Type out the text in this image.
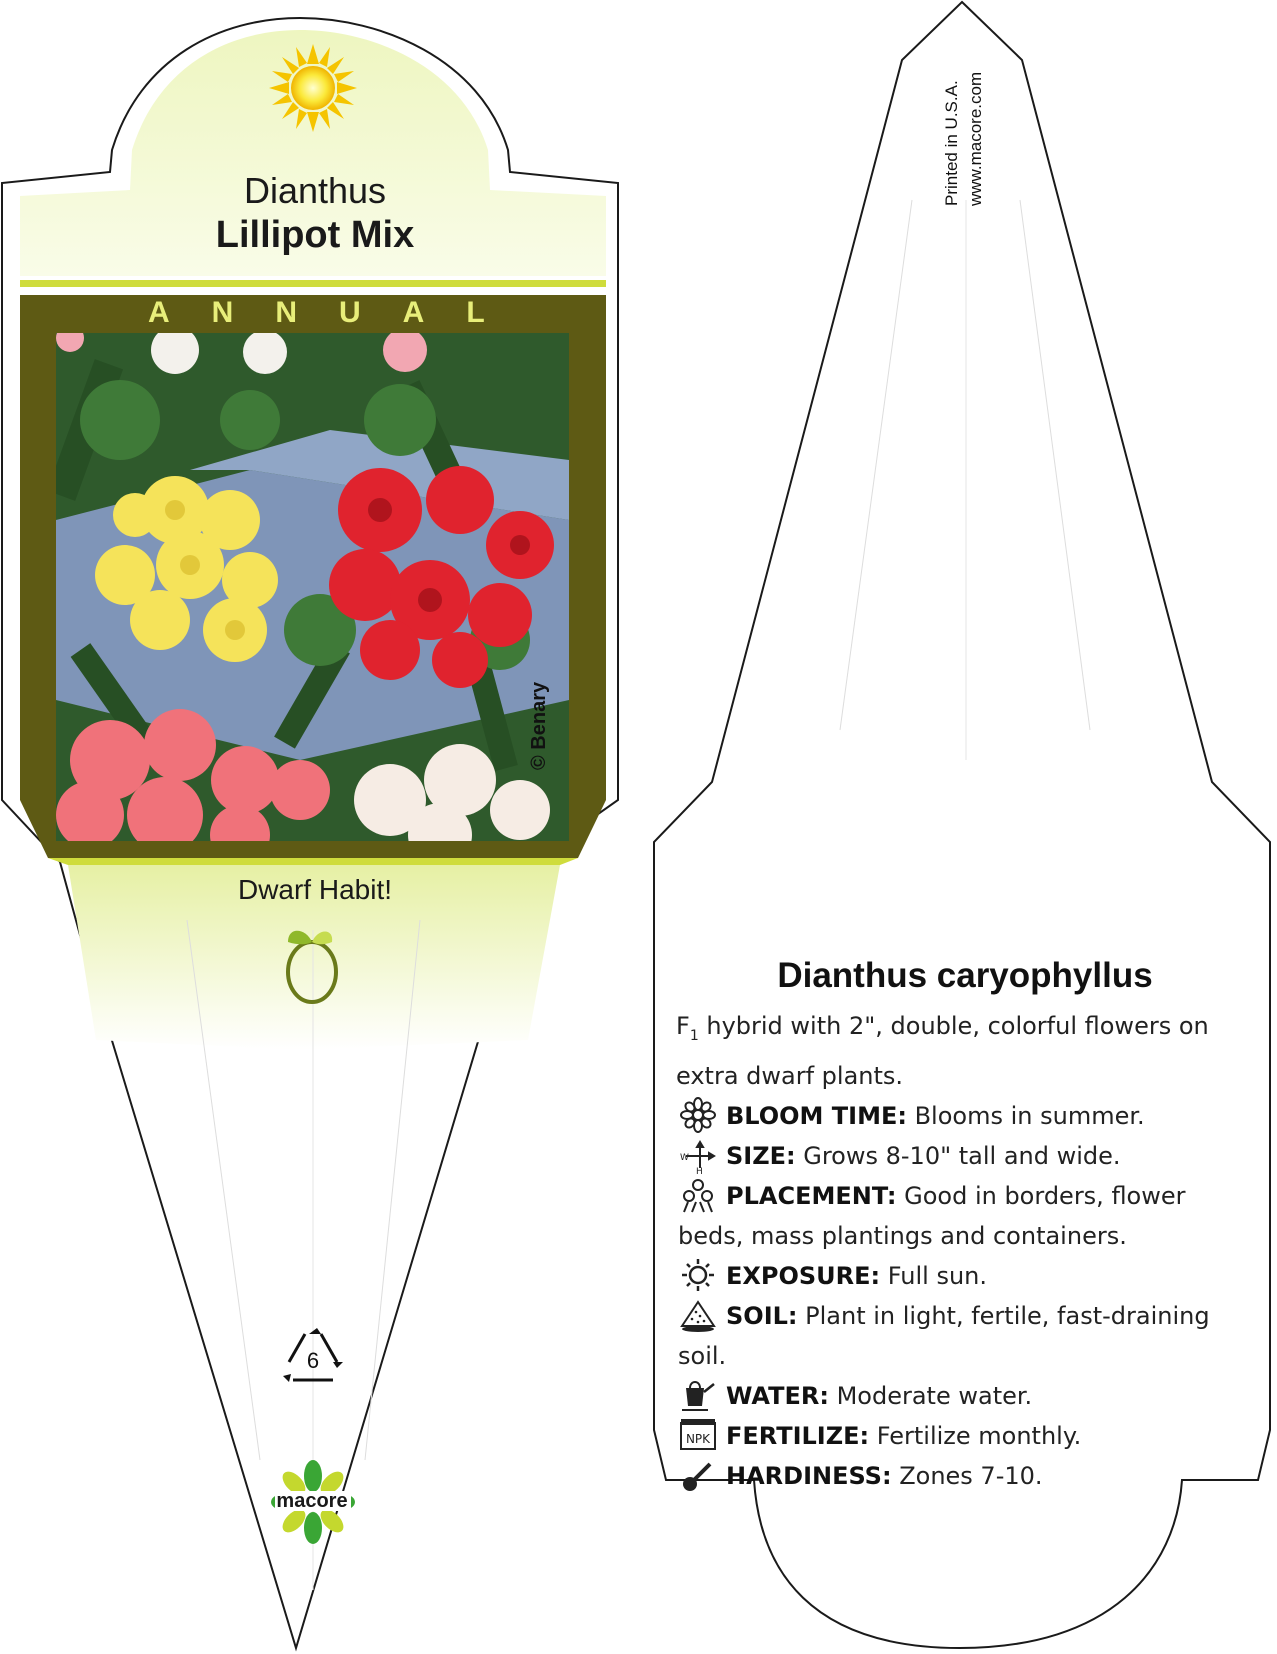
Dianthus
Lillipot Mix
ANNUAL
© Benary
Dwarf Habit!
6
macore
Printed in U.S.A. www.macore.com
Dianthus caryophyllus
$F_1$ hybrid with 2", double, colorful flowers on extra dwarf plants.
BLOOM TIME: Blooms in summer.
W
H
SIZE: Grows 8-10" tall and wide.
PLACEMENT: Good in borders, flower beds, mass plantings and containers.
EXPOSURE: Full sun.
SOIL: Plant in light, fertile, fast-draining soil.
WATER: Moderate water.
NPK FERTILIZE: Fertilize monthly.
HARDINESS: Zones 7-10.
